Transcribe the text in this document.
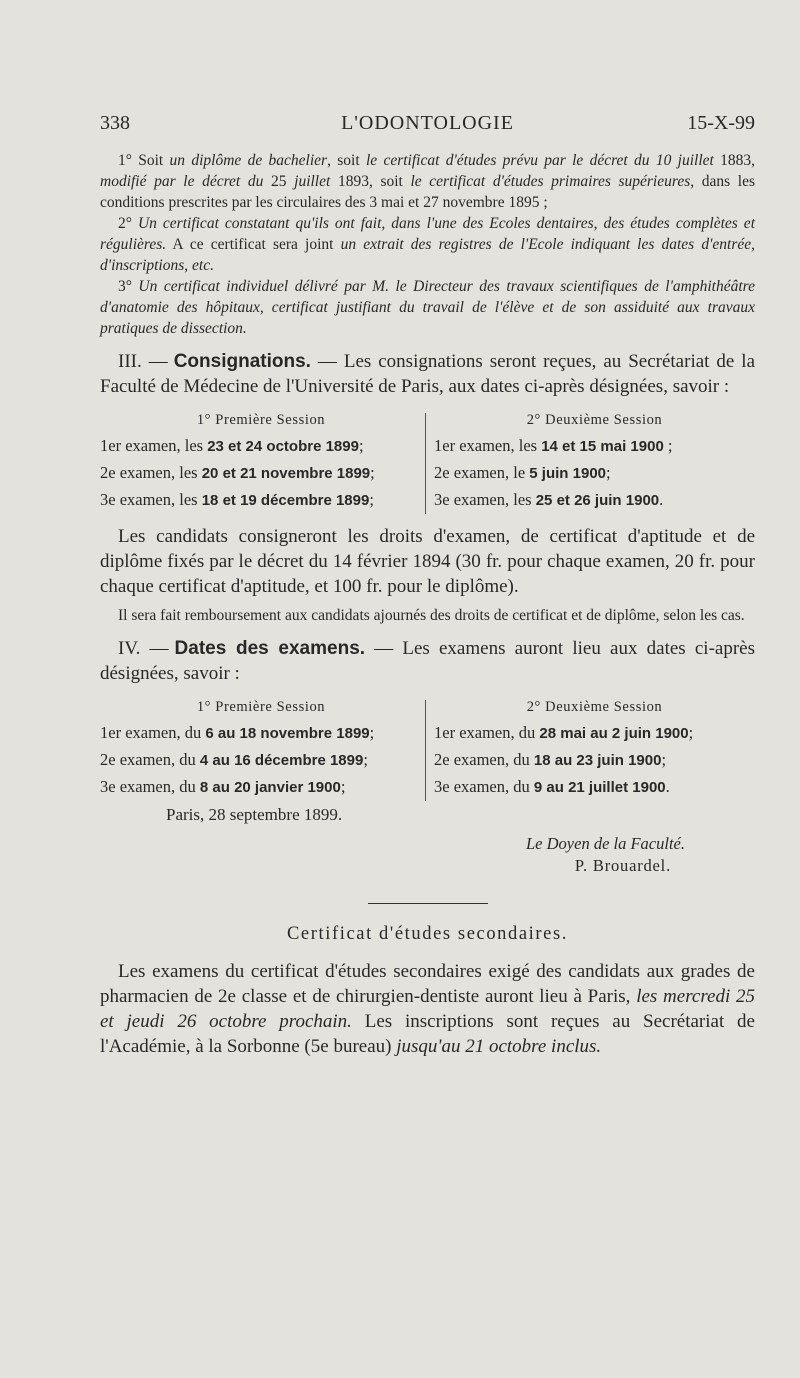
338	L'ODONTOLOGIE	15-X-99

1° Soit un diplôme de bachelier, soit le certificat d'études prévu par le décret du 10 juillet 1883, modifié par le décret du 25 juillet 1893, soit le certificat d'études primaires supérieures, dans les conditions prescrites par les circulaires des 3 mai et 27 novembre 1895 ;

2° Un certificat constatant qu'ils ont fait, dans l'une des Ecoles dentaires, des études complètes et régulières. A ce certificat sera joint un extrait des registres de l'Ecole indiquant les dates d'entrée, d'inscriptions, etc.

3° Un certificat individuel délivré par M. le Directeur des travaux scientifiques de l'amphithéâtre d'anatomie des hôpitaux, certificat justifiant du travail de l'élève et de son assiduité aux travaux pratiques de dissection.

III. — Consignations. — Les consignations seront reçues, au Secrétariat de la Faculté de Médecine de l'Université de Paris, aux dates ci-après désignées, savoir :

1° Première Session
1er examen, les 23 et 24 octobre 1899;
2e examen, les 20 et 21 novembre 1899;
3e examen, les 18 et 19 décembre 1899;
2° Deuxième Session
1er examen, les 14 et 15 mai 1900 ;
2e examen, le 5 juin 1900;
3e examen, les 25 et 26 juin 1900.

Les candidats consigneront les droits d'examen, de certificat d'aptitude et de diplôme fixés par le décret du 14 février 1894 (30 fr. pour chaque examen, 20 fr. pour chaque certificat d'aptitude, et 100 fr. pour le diplôme).

Il sera fait remboursement aux candidats ajournés des droits de certificat et de diplôme, selon les cas.

IV. — Dates des examens. — Les examens auront lieu aux dates ci-après désignées, savoir :

1° Première Session
1er examen, du 6 au 18 novembre 1899;
2e examen, du 4 au 16 décembre 1899;
3e examen, du 8 au 20 janvier 1900;
2° Deuxième Session
1er examen, du 28 mai au 2 juin 1900;
2e examen, du 18 au 23 juin 1900;
3e examen, du 9 au 21 juillet 1900.
Paris, 28 septembre 1899.
Le Doyen de la Faculté.
P. Brouardel.
Certificat d'études secondaires.

Les examens du certificat d'études secondaires exigé des candidats aux grades de pharmacien de 2e classe et de chirurgien-dentiste auront lieu à Paris, les mercredi 25 et jeudi 26 octobre prochain. Les inscriptions sont reçues au Secrétariat de l'Académie, à la Sorbonne (5e bureau) jusqu'au 21 octobre inclus.
